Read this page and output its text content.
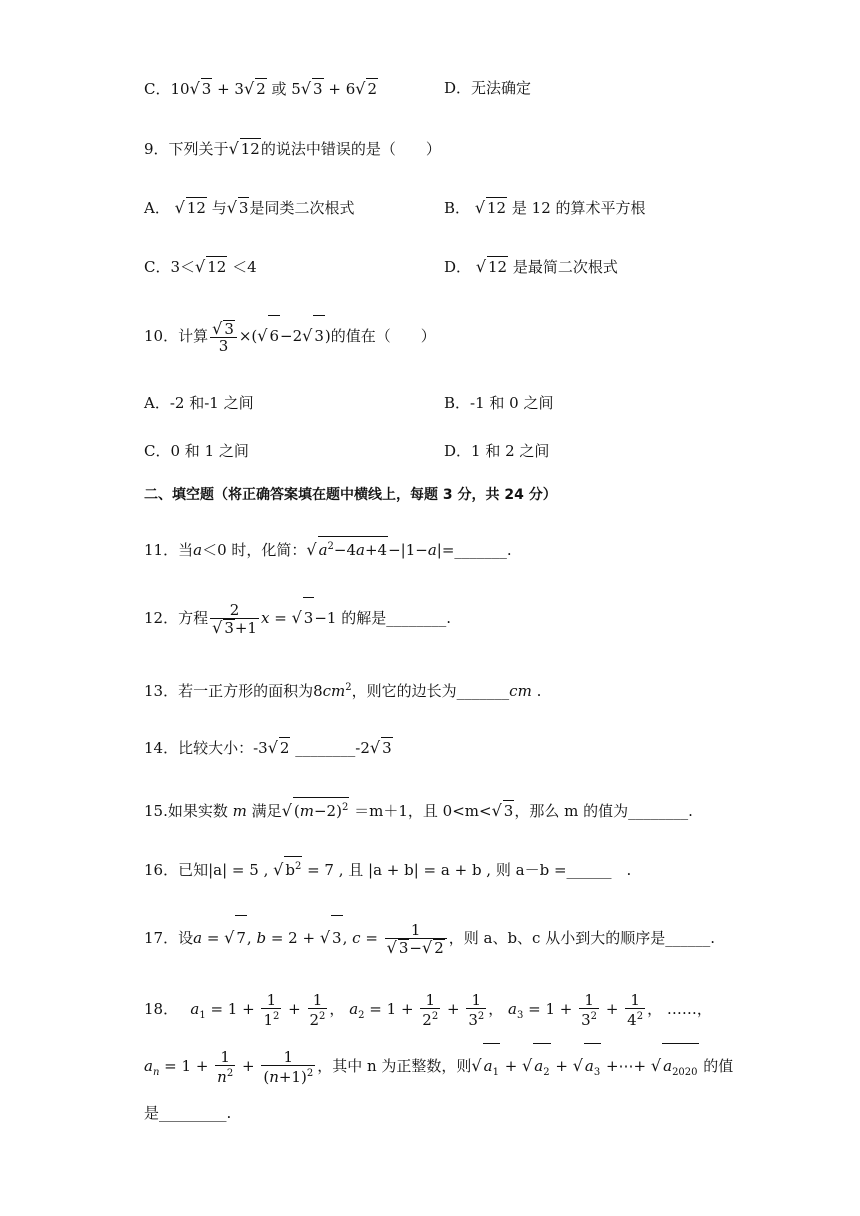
C．10√ 3 + 3√ 2 或 5√ 3 + 6√ 2	D．无法确定
9．下列关于√ 12的说法中错误的是（　　）
A． √ 12 与√ 3是同类二次根式	B． √ 12 是 12 的算术平方根
C．3＜√ 12 ＜4	D． √ 12 是最简二次根式
10．计算 $\frac{√ 3}{3}$ ×(√ 6−2√ 3)的值在（　　）
A．-2 和-1 之间	B．-1 和 0 之间
C．0 和 1 之间	D．1 和 2 之间
二、填空题（将正确答案填在题中横线上，每题 3 分，共 24 分）
11．当a＜0 时，化简：√ $a^2-4a+4-|1-a|=\_\_\_\_\_\_\_$.
12．方程 $\frac{2}{√ 3+1}$ x = √ 3−1 的解是________.
13．若一正方形的面积为$8cm^2$，则它的边长为_______cm .
14．比较大小：-3√ 2 ________-2√ 3
15.如果实数 m 满足√ $(m-2)^2 =m+1$，且 0<m<√ 3，那么 m 的值为________.
16．已知|a| = 5 , √ $b^2 = 7$ , 且 |a + b| = a + b , 则 a－b =______　.
17．设a = √ 7, b = 2 + √ 3, $c = \frac{1}{√ 3-√ 2}$ ，则 a、b、c 从小到大的顺序是______.
18．　 $a_1 = 1 + \frac{1}{1^2} + \frac{1}{2^2}$ ， $a_2 = 1 + \frac{1}{2^2} + \frac{1}{3^2}$ ， $a_3 = 1 + \frac{1}{3^2} + \frac{1}{4^2}$ ， ……，
$a_n = 1 + \frac{1}{n^2} + \frac{1}{(n+1)^2}$ ，其中 n 为正整数，则√ $a_1$ + √ $a_2$ + √ $a_3$ +⋯+ √ $a_{2020}$ 的值
是_________.
